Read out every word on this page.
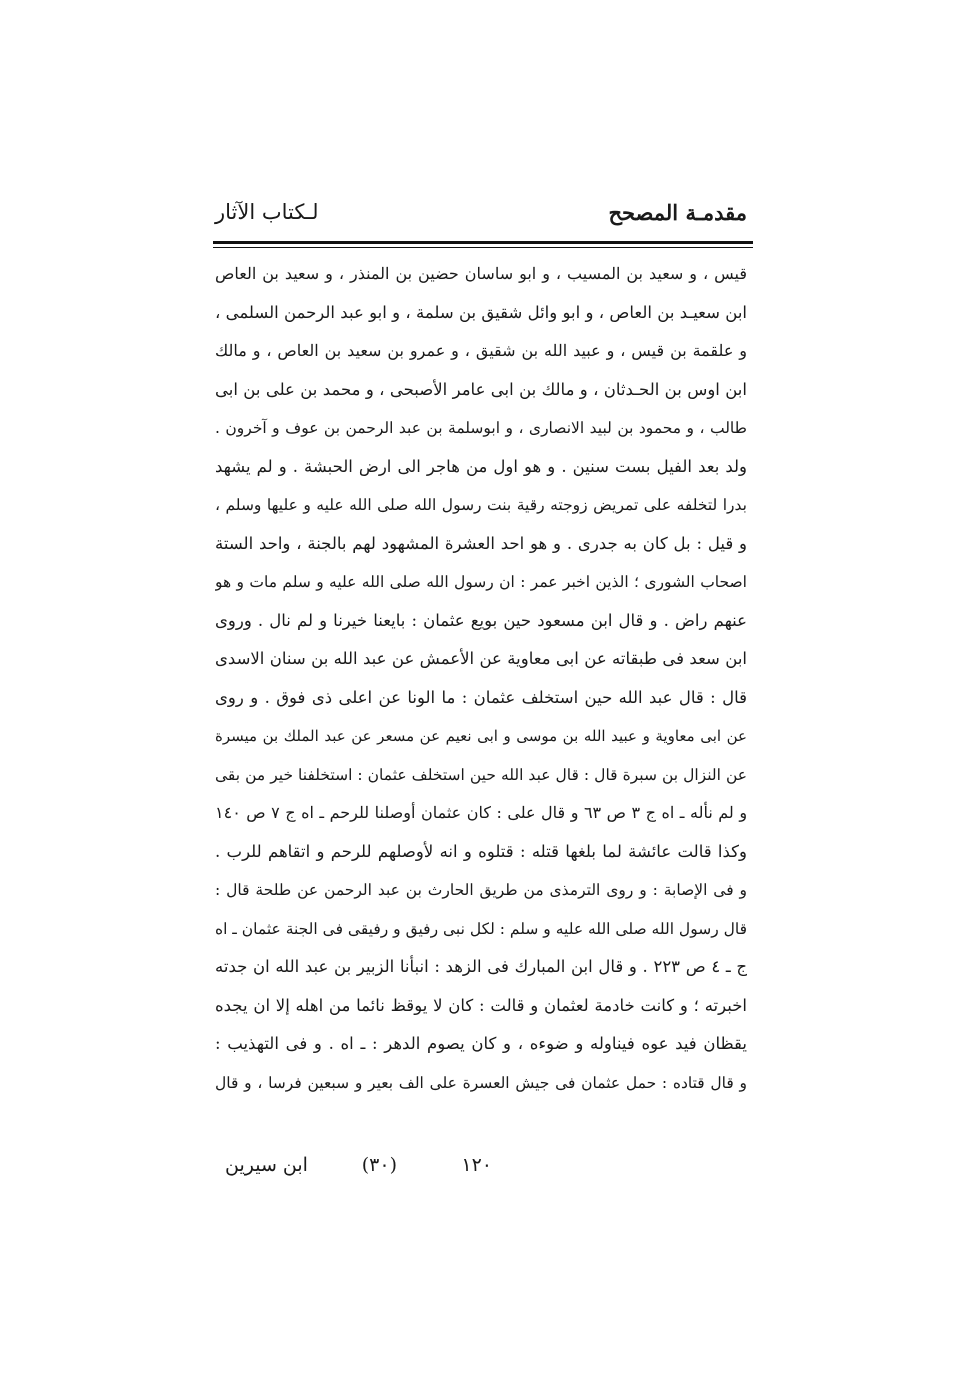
مقدمـة المصحح
لـكتاب الآثار
قيس ، و سعيد بن المسيب ، و ابو ساسان حضين بن المنذر ، و سعيد بن العاص
ابن سعيـد بن العاص ، و ابو وائل شقيق بن سلمة ، و ابو عبد الرحمن السلمى ،
و علقمة بن قيس ، و عبيد الله بن شقيق ، و عمرو بن سعيد بن العاص ، و مالك
ابن اوس بن الحـدثان ، و مالك بن ابى عامر الأصبحى ، و محمد بن على بن ابى
طالب ، و محمود بن لبيد الانصارى ، و ابوسلمة بن عبد الرحمن بن عوف و آخرون .
ولد بعد الفيل بست سنين . و هو اول من هاجر الى ارض الحبشة . و لم يشهد
بدرا لتخلفه على تمريض زوجته رقية بنت رسول الله صلى الله عليه و عليها وسلم ،
و قيل : بل كان به جدرى . و هو احد العشرة المشهود لهم بالجنة ، واحد الستة
اصحاب الشورى ؛ الذين اخبر عمر : ان رسول الله صلى الله عليه و سلم مات و هو
عنهم راض . و قال ابن مسعود حين بويع عثمان : بايعنا خيرنا و لم نال . وروى
ابن سعد فى طبقاته عن ابى معاوية عن الأعمش عن عبد الله بن سنان الاسدى
قال : قال عبد الله حين استخلف عثمان : ما الونا عن اعلى ذى فوق . و روى
عن ابى معاوية و عبيد الله بن موسى و ابى نعيم عن مسعر عن عبد الملك بن ميسرة
عن النزال بن سبرة قال : قال عبد الله حين استخلف عثمان : استخلفنا خير من بقى
و لم نأله ـ اه ج ٣ ص ٦٣ و قال على : كان عثمان أوصلنا للرحم ـ اه ج ٧ ص ١٤٠
وكذا قالت عائشة لما بلغها قتله : قتلوه و انه لأوصلهم للرحم و اتقاهم للرب .
و فى الإصابة : و روى الترمذى من طريق الحارث بن عبد الرحمن عن طلحة قال :
قال رسول الله صلى الله عليه و سلم : لكل نبى رفيق و رفيقى فى الجنة عثمان ـ اه
ج ـ ٤ ص ٢٢٣ . و قال ابن المبارك فى الزهد : انبأنا الزبير بن عبد الله ان جدته
اخبرته ؛ و كانت خادمة لعثمان و قالت : كان لا يوقظ نائما من اهله إلا ان يجده
يقظان فيد عوه فيناوله و ضوءه ، و كان يصوم الدهر : ـ اه . و فى التهذيب :
و قال قتاده : حمل عثمان فى جيش العسرة على الف بعير و سبعين فرسا ، و قال
١٢٠
(٣٠)
ابن سيرين
